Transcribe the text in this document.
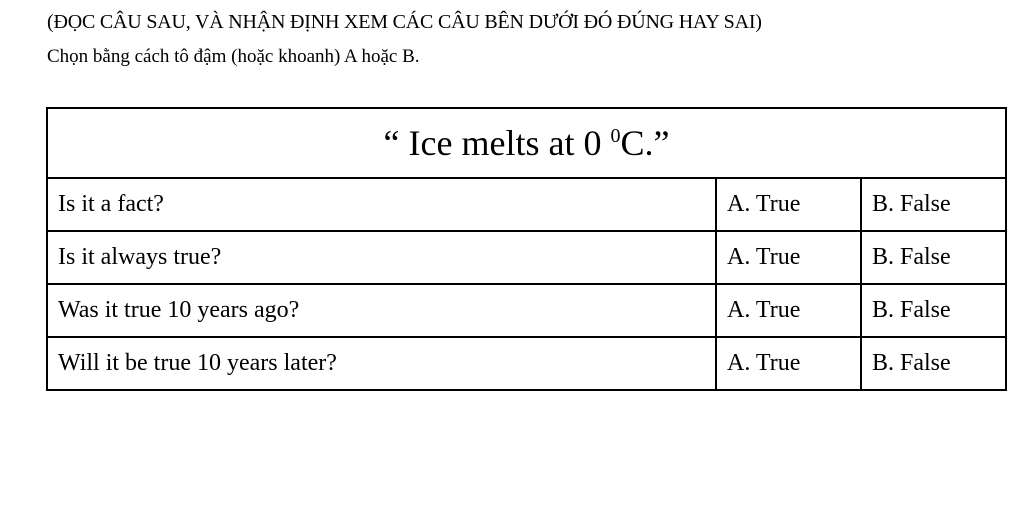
(ĐỌC CÂU SAU, VÀ NHẬN ĐỊNH XEM CÁC CÂU BÊN DƯỚI ĐÓ ĐÚNG HAY SAI)
Chọn bằng cách tô đậm (hoặc khoanh) A hoặc B.
“ Ice melts at 0 $^0$C.”		
Is it a fact?	A. True	B. False
Is it always true?	A. True	B. False
Was it true 10 years ago?	A. True	B. False
Will it be true 10 years later?	A. True	B. False
